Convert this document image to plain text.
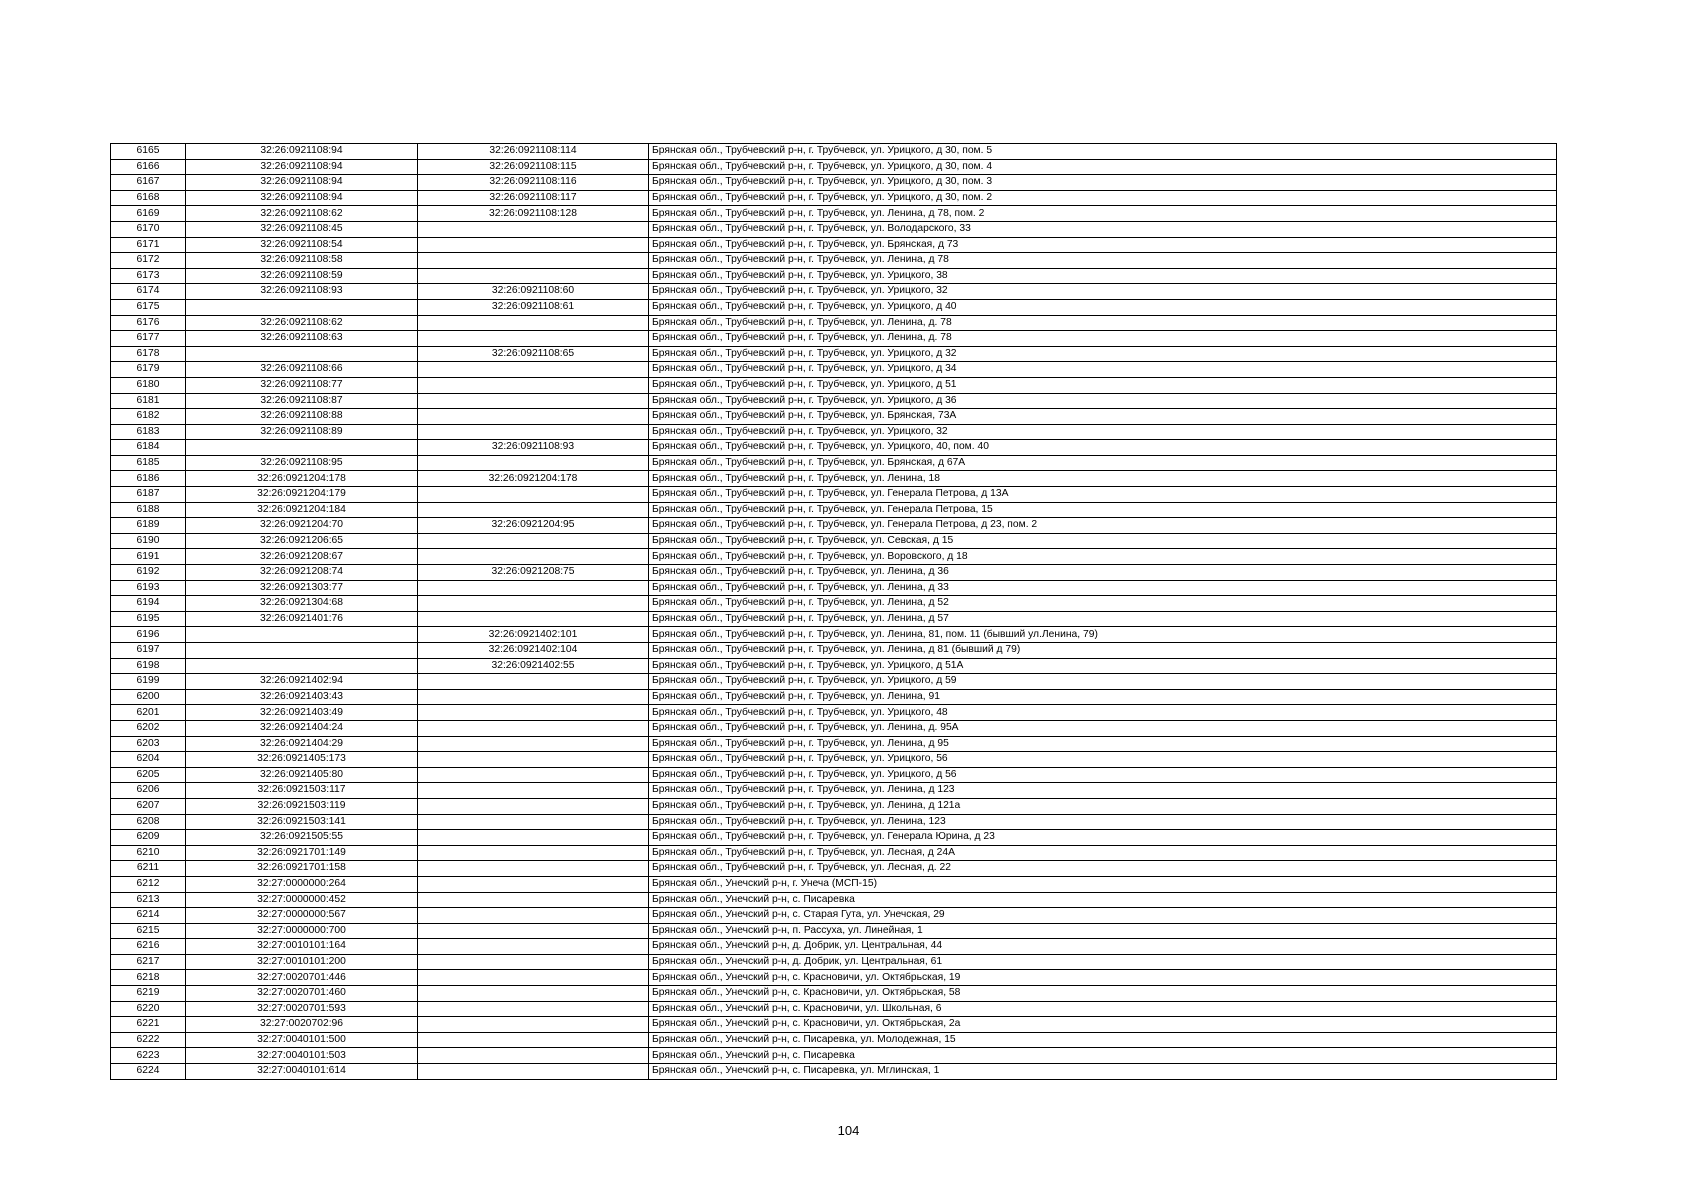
6165	32:26:0921108:94	32:26:0921108:114	Брянская обл., Трубчевский р-н, г. Трубчевск, ул. Урицкого, д 30, пом. 5
6166	32:26:0921108:94	32:26:0921108:115	Брянская обл., Трубчевский р-н, г. Трубчевск, ул. Урицкого, д 30, пом. 4
6167	32:26:0921108:94	32:26:0921108:116	Брянская обл., Трубчевский р-н, г. Трубчевск, ул. Урицкого, д 30, пом. 3
6168	32:26:0921108:94	32:26:0921108:117	Брянская обл., Трубчевский р-н, г. Трубчевск, ул. Урицкого, д 30, пом. 2
6169	32:26:0921108:62	32:26:0921108:128	Брянская обл., Трубчевский р-н, г. Трубчевск, ул. Ленина, д 78, пом. 2
6170	32:26:0921108:45		Брянская обл., Трубчевский р-н, г. Трубчевск, ул. Володарского, 33
6171	32:26:0921108:54		Брянская обл., Трубчевский р-н, г. Трубчевск, ул. Брянская, д 73
6172	32:26:0921108:58		Брянская обл., Трубчевский р-н, г. Трубчевск, ул. Ленина, д 78
6173	32:26:0921108:59		Брянская обл., Трубчевский р-н, г. Трубчевск, ул. Урицкого, 38
6174	32:26:0921108:93	32:26:0921108:60	Брянская обл., Трубчевский р-н, г. Трубчевск, ул. Урицкого, 32
6175		32:26:0921108:61	Брянская обл., Трубчевский р-н, г. Трубчевск, ул. Урицкого, д 40
6176	32:26:0921108:62		Брянская обл., Трубчевский р-н, г. Трубчевск, ул. Ленина, д. 78
6177	32:26:0921108:63		Брянская обл., Трубчевский р-н, г. Трубчевск, ул. Ленина, д. 78
6178		32:26:0921108:65	Брянская обл., Трубчевский р-н, г. Трубчевск, ул. Урицкого, д 32
6179	32:26:0921108:66		Брянская обл., Трубчевский р-н, г. Трубчевск, ул. Урицкого, д 34
6180	32:26:0921108:77		Брянская обл., Трубчевский р-н, г. Трубчевск, ул. Урицкого, д 51
6181	32:26:0921108:87		Брянская обл., Трубчевский р-н, г. Трубчевск, ул. Урицкого, д 36
6182	32:26:0921108:88		Брянская обл., Трубчевский р-н, г. Трубчевск, ул. Брянская, 73А
6183	32:26:0921108:89		Брянская обл., Трубчевский р-н, г. Трубчевск, ул. Урицкого, 32
6184		32:26:0921108:93	Брянская обл., Трубчевский р-н, г. Трубчевск, ул. Урицкого, 40, пом. 40
6185	32:26:0921108:95		Брянская обл., Трубчевский р-н, г. Трубчевск, ул. Брянская, д 67А
6186	32:26:0921204:178	32:26:0921204:178	Брянская обл., Трубчевский р-н, г. Трубчевск, ул. Ленина, 18
6187	32:26:0921204:179		Брянская обл., Трубчевский р-н, г. Трубчевск, ул. Генерала Петрова, д 13А
6188	32:26:0921204:184		Брянская обл., Трубчевский р-н, г. Трубчевск, ул. Генерала Петрова, 15
6189	32:26:0921204:70	32:26:0921204:95	Брянская обл., Трубчевский р-н, г. Трубчевск, ул. Генерала Петрова, д 23, пом. 2
6190	32:26:0921206:65		Брянская обл., Трубчевский р-н, г. Трубчевск, ул. Севская, д 15
6191	32:26:0921208:67		Брянская обл., Трубчевский р-н, г. Трубчевск, ул. Воровского, д 18
6192	32:26:0921208:74	32:26:0921208:75	Брянская обл., Трубчевский р-н, г. Трубчевск, ул. Ленина, д 36
6193	32:26:0921303:77		Брянская обл., Трубчевский р-н, г. Трубчевск, ул. Ленина, д 33
6194	32:26:0921304:68		Брянская обл., Трубчевский р-н, г. Трубчевск, ул. Ленина, д 52
6195	32:26:0921401:76		Брянская обл., Трубчевский р-н, г. Трубчевск, ул. Ленина, д 57
6196		32:26:0921402:101	Брянская обл., Трубчевский р-н, г. Трубчевск, ул. Ленина, 81, пом. 11 (бывший ул.Ленина, 79)
6197		32:26:0921402:104	Брянская обл., Трубчевский р-н, г. Трубчевск, ул. Ленина, д 81 (бывший д 79)
6198		32:26:0921402:55	Брянская обл., Трубчевский р-н, г. Трубчевск, ул. Урицкого, д 51А
6199	32:26:0921402:94		Брянская обл., Трубчевский р-н, г. Трубчевск, ул. Урицкого, д 59
6200	32:26:0921403:43		Брянская обл., Трубчевский р-н, г. Трубчевск, ул. Ленина, 91
6201	32:26:0921403:49		Брянская обл., Трубчевский р-н, г. Трубчевск, ул. Урицкого, 48
6202	32:26:0921404:24		Брянская обл., Трубчевский р-н, г. Трубчевск, ул. Ленина, д. 95А
6203	32:26:0921404:29		Брянская обл., Трубчевский р-н, г. Трубчевск, ул. Ленина, д 95
6204	32:26:0921405:173		Брянская обл., Трубчевский р-н, г. Трубчевск, ул. Урицкого, 56
6205	32:26:0921405:80		Брянская обл., Трубчевский р-н, г. Трубчевск, ул. Урицкого, д 56
6206	32:26:0921503:117		Брянская обл., Трубчевский р-н, г. Трубчевск, ул. Ленина, д 123
6207	32:26:0921503:119		Брянская обл., Трубчевский р-н, г. Трубчевск, ул. Ленина, д 121а
6208	32:26:0921503:141		Брянская обл., Трубчевский р-н, г. Трубчевск, ул. Ленина, 123
6209	32:26:0921505:55		Брянская обл., Трубчевский р-н, г. Трубчевск, ул. Генерала Юрина, д 23
6210	32:26:0921701:149		Брянская обл., Трубчевский р-н, г. Трубчевск, ул. Лесная, д 24А
6211	32:26:0921701:158		Брянская обл., Трубчевский р-н, г. Трубчевск, ул. Лесная, д. 22
6212	32:27:0000000:264		Брянская обл., Унечский р-н, г. Унеча (МСП-15)
6213	32:27:0000000:452		Брянская обл., Унечский р-н, с. Писаревка
6214	32:27:0000000:567		Брянская обл., Унечский р-н, с. Старая Гута, ул. Унечская, 29
6215	32:27:0000000:700		Брянская обл., Унечский р-н, п. Рассуха, ул. Линейная, 1
6216	32:27:0010101:164		Брянская обл., Унечский р-н, д. Добрик, ул. Центральная, 44
6217	32:27:0010101:200		Брянская обл., Унечский р-н, д. Добрик, ул. Центральная, 61
6218	32:27:0020701:446		Брянская обл., Унечский р-н, с. Красновичи, ул. Октябрьская, 19
6219	32:27:0020701:460		Брянская обл., Унечский р-н, с. Красновичи, ул. Октябрьская, 58
6220	32:27:0020701:593		Брянская обл., Унечский р-н, с. Красновичи, ул. Школьная, 6
6221	32:27:0020702:96		Брянская обл., Унечский р-н, с. Красновичи, ул. Октябрьская, 2а
6222	32:27:0040101:500		Брянская обл., Унечский р-н, с. Писаревка, ул. Молодежная, 15
6223	32:27:0040101:503		Брянская обл., Унечский р-н, с. Писаревка
6224	32:27:0040101:614		Брянская обл., Унечский р-н, с. Писаревка, ул. Мглинская, 1
104
